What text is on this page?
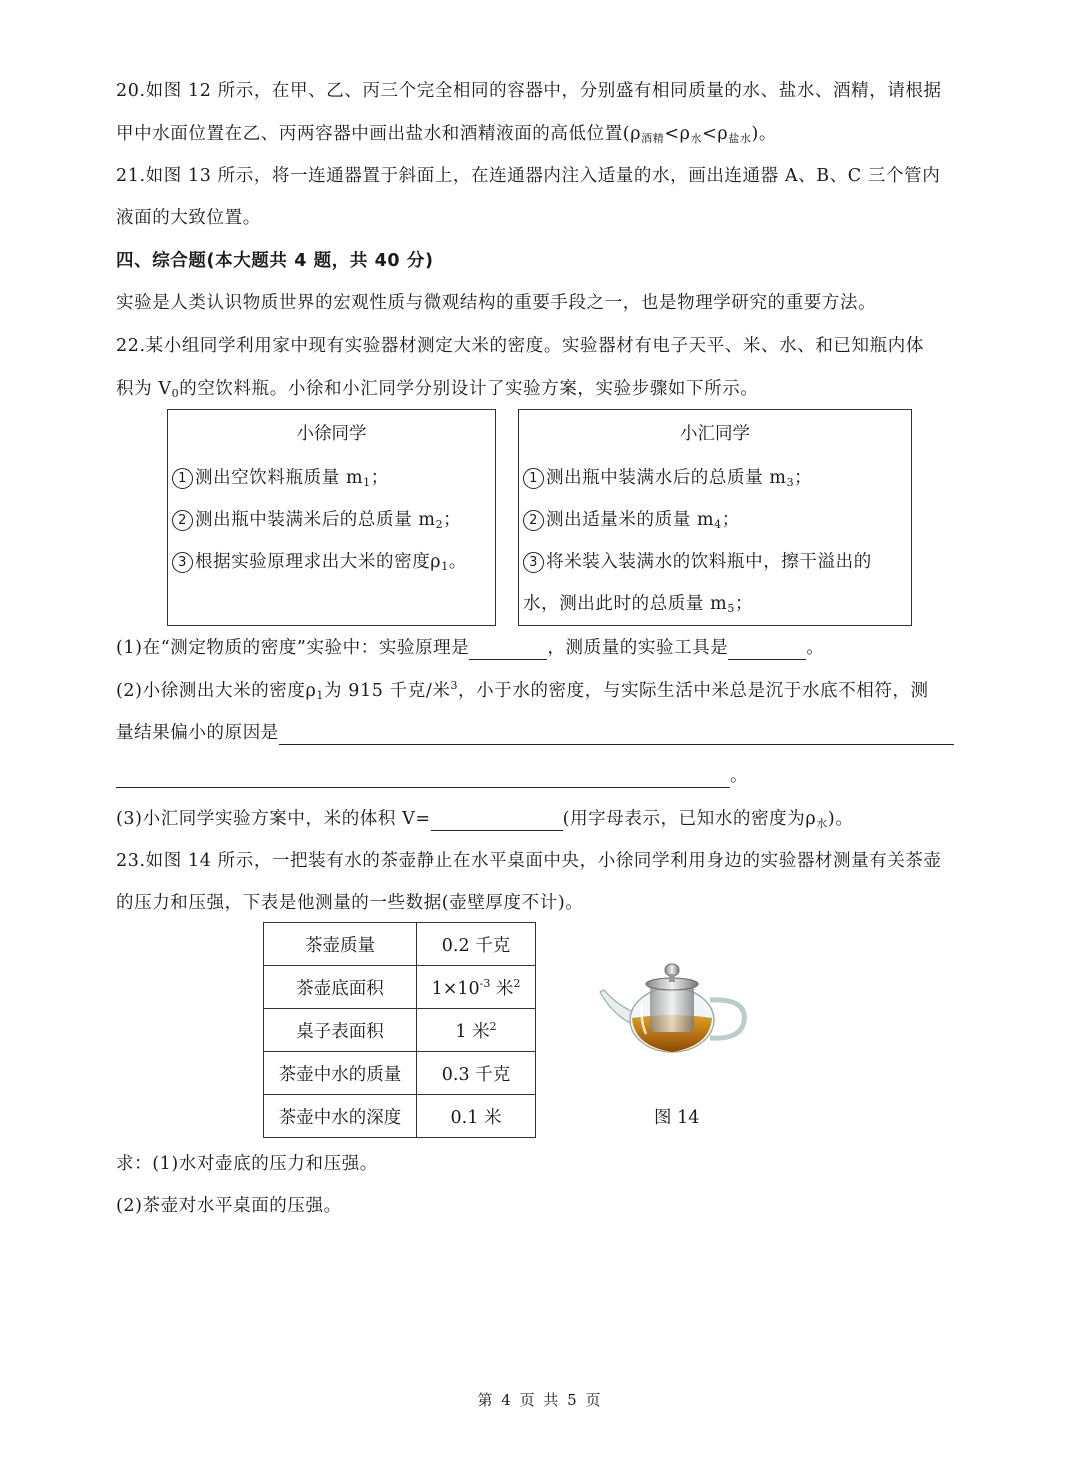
20.如图 12 所示，在甲、乙、丙三个完全相同的容器中，分别盛有相同质量的水、盐水、酒精，请根据
甲中水面位置在乙、丙两容器中画出盐水和酒精液面的高低位置$(\rho_{酒精}<\rho_水<\rho_{盐水})$。
21.如图 13 所示，将一连通器置于斜面上，在连通器内注入适量的水，画出连通器 A、B、C 三个管内
液面的大致位置。
四、综合题(本大题共 4 题，共 40 分)
实验是人类认识物质世界的宏观性质与微观结构的重要手段之一，也是物理学研究的重要方法。
22.某小组同学利用家中现有实验器材测定大米的密度。实验器材有电子天平、米、水、和已知瓶内体
积为 $V_0$的空饮料瓶。小徐和小汇同学分别设计了实验方案，实验步骤如下所示。
小徐同学
1 测出空饮料瓶质量 $m_1$；
2 测出瓶中装满米后的总质量 $m_2$；
3 根据实验原理求出大米的密度$\rho_1$。
小汇同学
1 测出瓶中装满水后的总质量 $m_3$；
2 测出适量米的质量 $m_4$；
3 将米装入装满水的饮料瓶中，擦干溢出的
水，测出此时的总质量 $m_5$；
(1)在“测定物质的密度”实验中：实验原理是	，测质量的实验工具是	。
(2)小徐测出大米的密度$\rho_1$为 915 千克/米$^3$，小于水的密度，与实际生活中米总是沉于水底不相符，测
量结果偏小的原因是
。
(3)小汇同学实验方案中，米的体积 V=	(用字母表示，已知水的密度为$\rho_水$)。
23.如图 14 所示，一把装有水的茶壶静止在水平桌面中央，小徐同学利用身边的实验器材测量有关茶壶
的压力和压强，下表是他测量的一些数据(壶壁厚度不计)。
茶壶质量	0.2 千克
茶壶底面积	$1\times 10^{-3}$ 米$^2$
桌子表面积	1 米$^2$
茶壶中水的质量	0.3 千克
茶壶中水的深度	0.1 米	图 14
求：(1)水对壶底的压力和压强。
(2)茶壶对水平桌面的压强。
第 4 页 共 5 页
